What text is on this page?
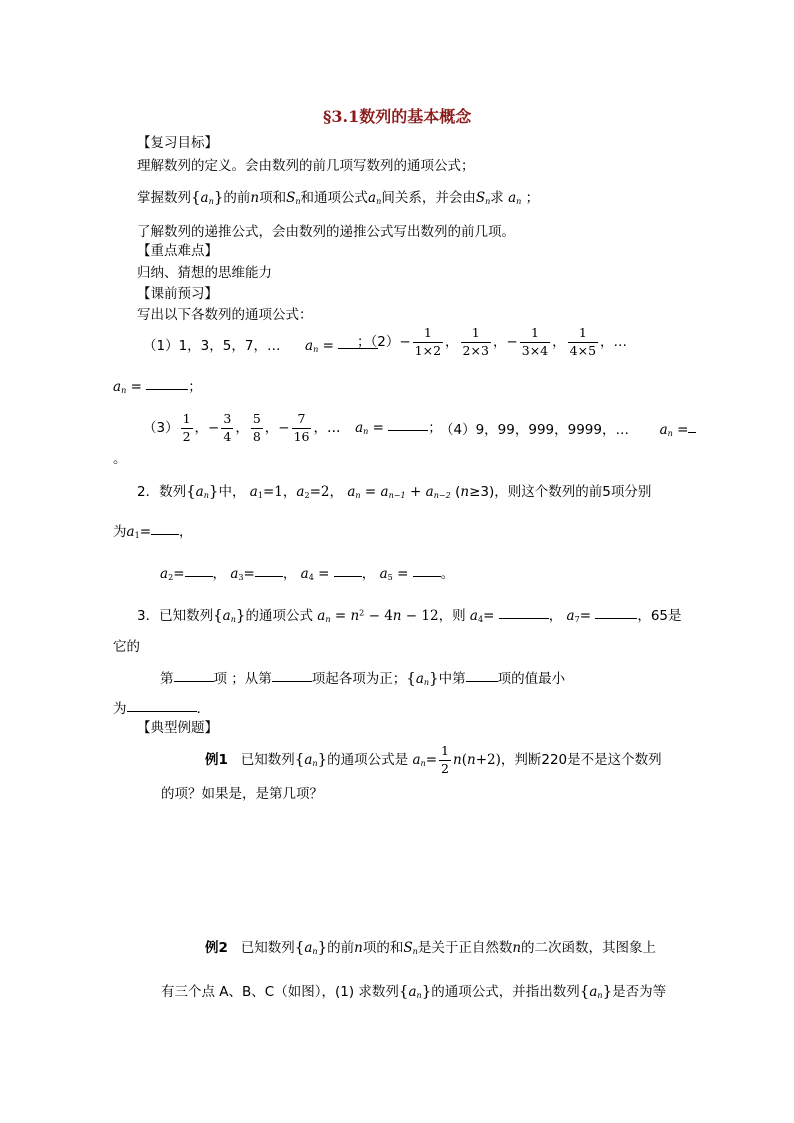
§3.1数列的基本概念
【复习目标】
理解数列的定义。会由数列的前几项写数列的通项公式；
掌握数列$\{a_n\}$的前n项和$S_n$和通项公式$a_n$间关系，并会由$S_n$求 $a_n$ ；
了解数列的递推公式，会由数列的递推公式写出数列的前几项。
【重点难点】
归纳、猜想的思维能力
【课前预习】
写出以下各数列的通项公式：
（1）1，3，5，7，… $a_n$ =	；$(2)- \frac{1}{1\times 2}$ ， $\frac{1}{2\times 3}$ ，− $\frac{1}{3\times 4}$ ， $\frac{1}{4\times 5}$ ，…
$a_n$ =	；
$(3) \frac{1}{2}$ ，− $\frac{3}{4}$ ， $\frac{5}{8}$ ，− $\frac{7}{16}$ ，… $a_n$ =	；
（4）9，99，999，9999，… $a_n$ =
。
2．数列$\{a_n\}$中， $a_1=1$，$a_2=2$， $a_n = a_{n-1} + a_{n-2}$ (n≥3)，则这个数列的前5项分别
为$a_1=$ ，
$a_2=$ ， $a_3=$ ， $a_4$ = ， $a_5$ = 。
3．已知数列$\{a_n\}$的通项公式 $a_n = n^2 - 4n - 12$，则 $a_4=$	， $a_7=$	，65是
它的
第	项 ；从第	项起各项为正；$\{a_n\}$中第 项的值最小
为	.
【典型例题】
例1 已知数列$\{a_n\}$的通项公式是 $a_n= \frac{1}{2} n(n+2)$，判断220是不是这个数列
的项？如果是，是第几项？
例2 已知数列$\{a_n\}$的前n项的和$S_n$是关于正自然数n的二次函数，其图象上
有三个点 A、B、C（如图），(1) 求数列$\{a_n\}$的通项公式，并指出数列$\{a_n\}$是否为等
